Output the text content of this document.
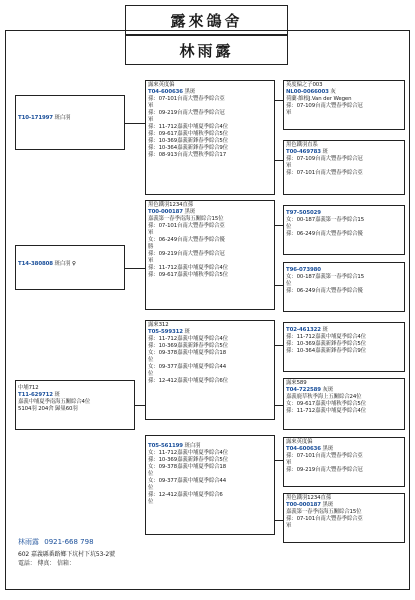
露來鴿舍
林雨露
T10-171997 斑白羽
T14-380808 斑白羽 ♀
中埔712
T11-629712 斑
嘉義中埔夏季南海五關綜合4位
5104羽 204舍 歸巢60羽
露來英度偏
T04-600636 黑斑
孫：07-101台南大豐春季綜合亞
軍
孫：09-219台南大豐春季綜合冠
軍
孫：11-712嘉義中埔夏季綜合4位
孫：09-617嘉義中埔秋季綜合5位
孫：10-369嘉義新鋒春季綜合5位
孫：10-364嘉義新鋒春季綜合9位
孫：08-913台南大豐秋季綜合17
黑色鐵羽1234直孫
T00-000187 黑斑
嘉義第一春季南海五關綜合15位
孫：07-101台南大豐春季綜合亞
軍
女：06-249台南大豐春季綜合優
勝
孫：09-219台南大豐春季綜合冠
軍
孫：11-712嘉義中埔夏季綜合4位
孫：09-617嘉義中埔秋季綜合5位
露來312
T05-599312 斑
孫：11-712嘉義中埔夏季綜合4位
孫：10-369嘉義新鋒春季綜合5位
女：09-378嘉義中埔夏季綜合18
位
女：09-377嘉義中埔夏季綜合44
位
孫：12-412嘉義中埔夏季綜合6位
T05-561199 斑白羽
女：11-712嘉義中埔夏季綜合4位
孫：10-369嘉義新鋒春季綜合5位
女：09-378嘉義中埔夏季綜合18
位
女：09-377嘉義中埔夏季綜合44
位
孫：12-412嘉義中埔夏季綜合6
位
英度偏之子003
NL00-0066003 灰
荷蘭·維根J.Van der Wegen
孫：07-109台南大豐春季綜合冠
軍
黑色鐵羽直系
T00-469783 斑
孫：07-109台南大豐春季綜合冠
軍
孫：07-101台南大豐春季綜合亞
T97-505029
女：00-187嘉義第一春季綜合15
位
孫：06-249台南大豐春季綜合優
T96-073980
女：00-187嘉義第一春季綜合15
位
孫：06-249台南大豐春季綜合優
T02-461322 斑
孫：11-712嘉義中埔夏季綜合4位
孫：10-369嘉義新鋒春季綜合5位
孫：10-364嘉義新鋒春季綜合9位
露來589
T04-722589 灰斑
嘉義鹿草秋季海上五關綜合24位
女：09-617嘉義中埔秋季綜合5位
孫：11-712嘉義中埔夏季綜合4位
露來英度偏
T04-600636 黑斑
孫：07-101台南大豐春季綜合亞
軍
孫：09-219台南大豐春季綜合冠
黑色鐵羽1234直孫
T00-000187 黑斑
嘉義第一春季南海五關綜合15位
孫：07-101台南大豐春季綜合亞
軍
林雨露 0921-668 798
602 嘉義縣番路鄉下坑村下坑53-2號
電話： 傳真： 信箱：
